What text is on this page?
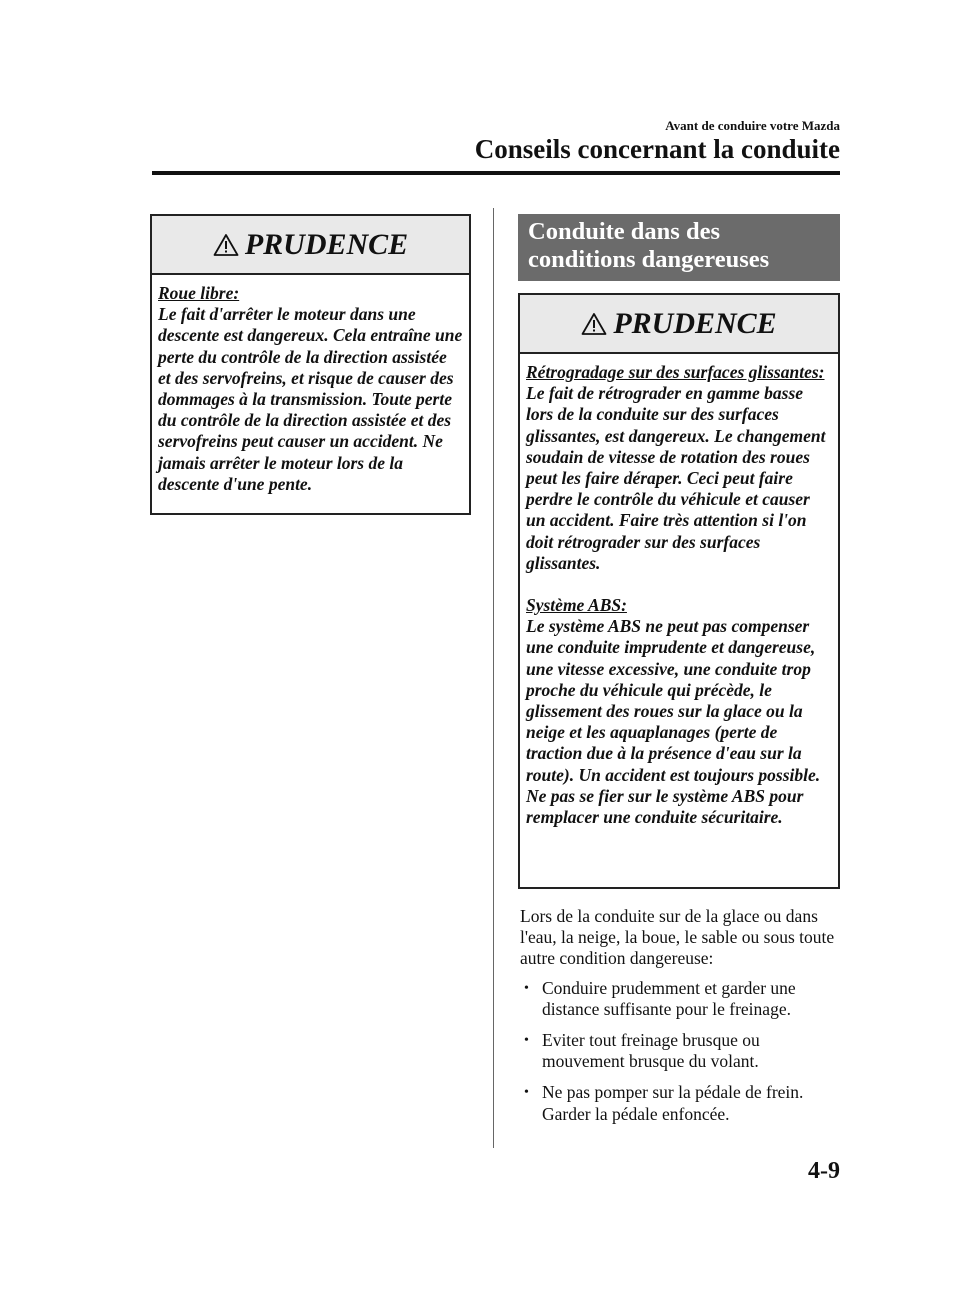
Avant de conduire votre Mazda
Conseils concernant la conduite
PRUDENCE

Roue libre:

Le fait d'arrêter le moteur dans une descente est dangereux. Cela entraîne une perte du contrôle de la direction assistée et des servofreins, et risque de causer des dommages à la transmission. Toute perte du contrôle de la direction assistée et des servofreins peut causer un accident. Ne jamais arrêter le moteur lors de la descente d'une pente.

Conduite dans des conditions dangereuses
PRUDENCE

Rétrogradage sur des surfaces glissantes:

Le fait de rétrograder en gamme basse lors de la conduite sur des surfaces glissantes, est dangereux. Le changement soudain de vitesse de rotation des roues peut les faire déraper. Ceci peut faire perdre le contrôle du véhicule et causer un accident. Faire très attention si l'on doit rétrograder sur des surfaces glissantes.

Système ABS:

Le système ABS ne peut pas compenser une conduite imprudente et dangereuse, une vitesse excessive, une conduite trop proche du véhicule qui précède, le glissement des roues sur la glace ou la neige et les aquaplanages (perte de traction due à la présence d'eau sur la route). Un accident est toujours possible. Ne pas se fier sur le système ABS pour remplacer une conduite sécuritaire.

Lors de la conduite sur de la glace ou dans l'eau, la neige, la boue, le sable ou sous toute autre condition dangereuse:

• Conduire prudemment et garder une distance suffisante pour le freinage.
• Eviter tout freinage brusque ou mouvement brusque du volant.
• Ne pas pomper sur la pédale de frein. Garder la pédale enfoncée.
4-9
